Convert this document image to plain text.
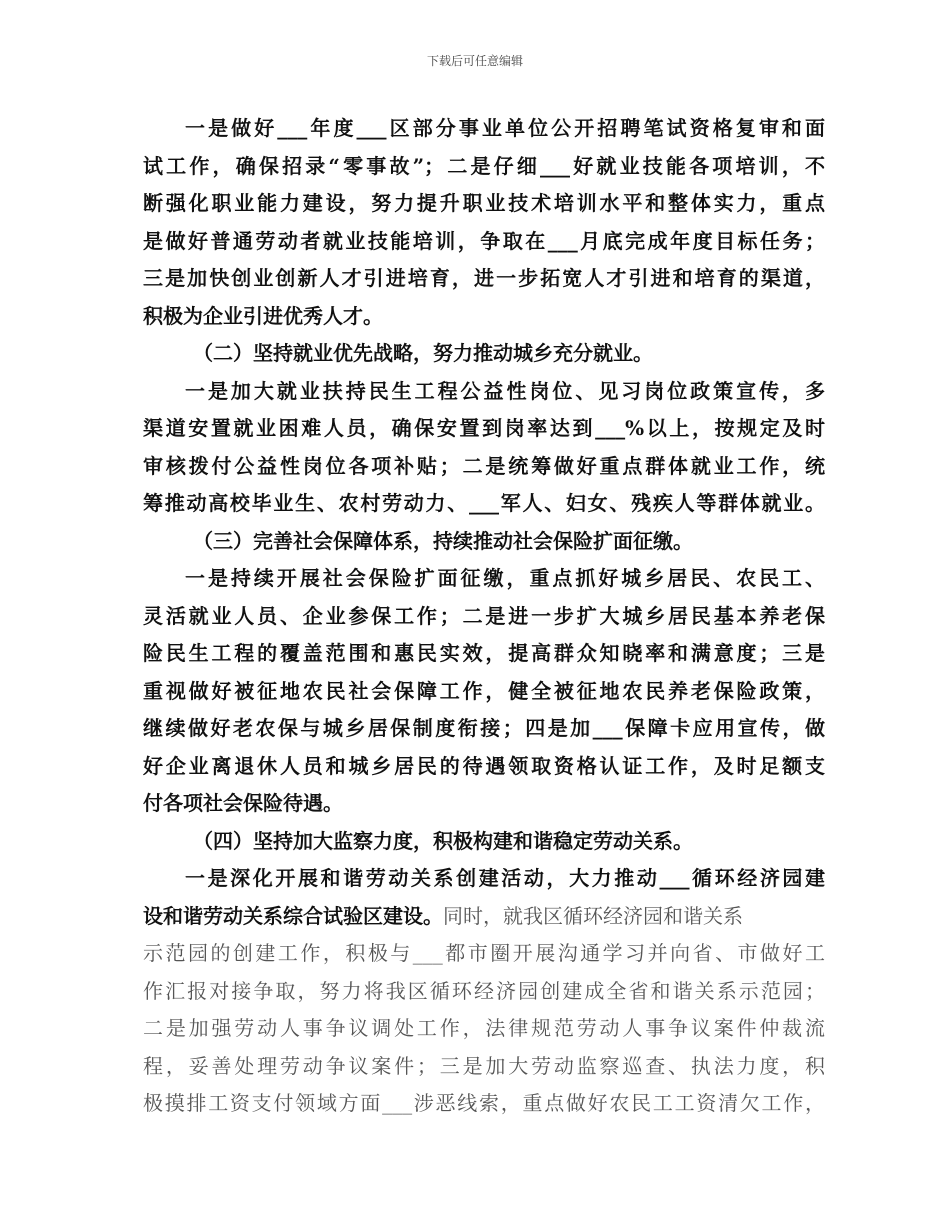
下载后可任意编辑
一是做好___年度___区部分事业单位公开招聘笔试资格复审和面
试工作，确保招录“零事故”；二是仔细___好就业技能各项培训，不
断强化职业能力建设，努力提升职业技术培训水平和整体实力，重点
是做好普通劳动者就业技能培训，争取在___月底完成年度目标任务；
三是加快创业创新人才引进培育，进一步拓宽人才引进和培育的渠道，
积极为企业引进优秀人才。
（二）坚持就业优先战略，努力推动城乡充分就业。
一是加大就业扶持民生工程公益性岗位、见习岗位政策宣传，多
渠道安置就业困难人员，确保安置到岗率达到___%以上，按规定及时
审核拨付公益性岗位各项补贴；二是统筹做好重点群体就业工作，统
筹推动高校毕业生、农村劳动力、___军人、妇女、残疾人等群体就业。
（三）完善社会保障体系，持续推动社会保险扩面征缴。
一是持续开展社会保险扩面征缴，重点抓好城乡居民、农民工、
灵活就业人员、企业参保工作；二是进一步扩大城乡居民基本养老保
险民生工程的覆盖范围和惠民实效，提高群众知晓率和满意度；三是
重视做好被征地农民社会保障工作，健全被征地农民养老保险政策，
继续做好老农保与城乡居保制度衔接；四是加___保障卡应用宣传，做
好企业离退休人员和城乡居民的待遇领取资格认证工作，及时足额支
付各项社会保险待遇。
（四）坚持加大监察力度，积极构建和谐稳定劳动关系。
一是深化开展和谐劳动关系创建活动，大力推动___循环经济园建
设和谐劳动关系综合试验区建设。同时，就我区循环经济园和谐关系
示范园的创建工作，积极与___都市圈开展沟通学习并向省、市做好工
作汇报对接争取，努力将我区循环经济园创建成全省和谐关系示范园；
二是加强劳动人事争议调处工作，法律规范劳动人事争议案件仲裁流
程，妥善处理劳动争议案件；三是加大劳动监察巡查、执法力度，积
极摸排工资支付领域方面___涉恶线索，重点做好农民工工资清欠工作，
